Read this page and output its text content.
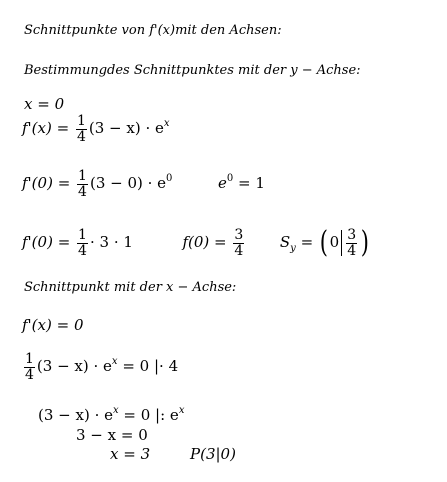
Schnittpunkte von f'(x)mit den Achsen:
Bestimmungdes Schnittpunktes mit der y − Achse:
x = 0
$f'(x) = \frac{1}{4} (3 - x) \cdot e^x$
$f'(0) = \frac{1}{4} (3 - 0) \cdot e^0$	$e^0 = 1$
$f'(0) = \frac{1}{4} \cdot 3 \cdot 1$	$f(0) = \frac{3}{4} S_y$ = ( $0 \frac{3}{4}$ )
Schnittpunkt mit der x − Achse:
f'(x) = 0
$\frac{1}{4} (3 - x) \cdot e^x = 0$ |· 4
$(3 - x) \cdot e^x = 0$ |: $e^x$
3 − x = 0
x = 3	P(3|0)
